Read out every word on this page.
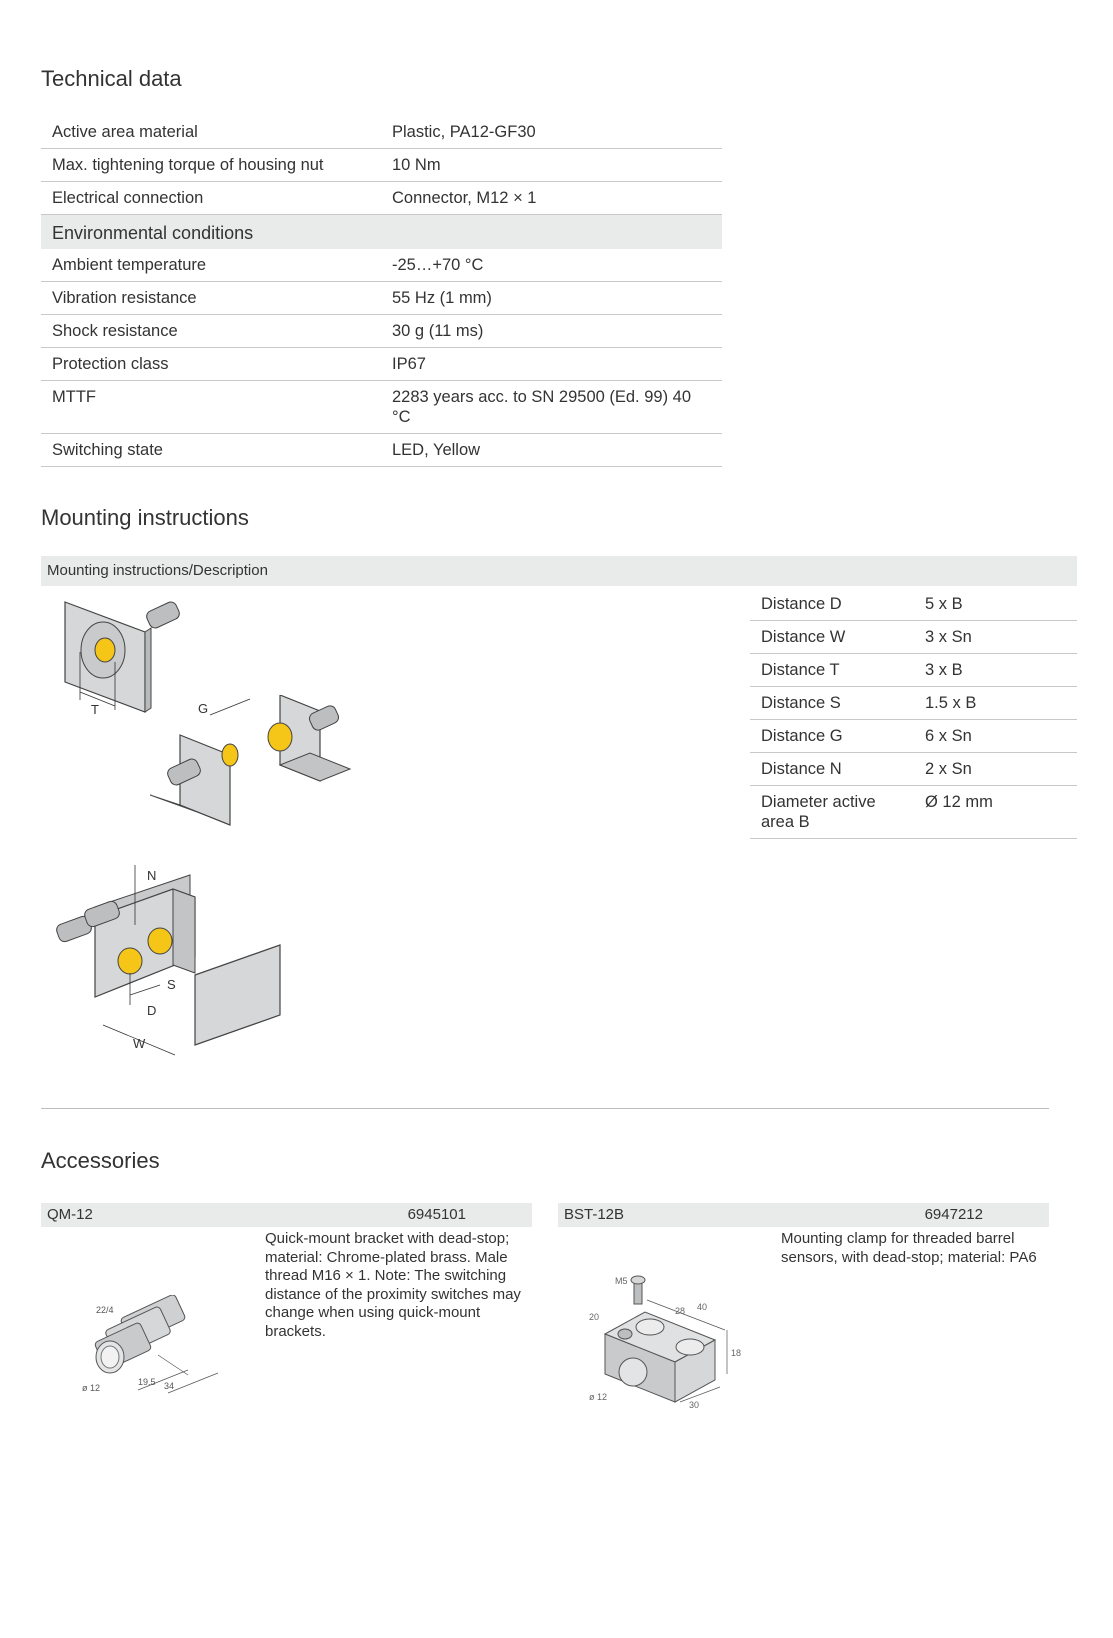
Technical data
Active area material	Plastic, PA12-GF30
Max. tightening torque of housing nut	10 Nm
Electrical connection	Connector, M12 × 1
Environmental conditions	
Ambient temperature	-25…+70 °C
Vibration resistance	55 Hz (1 mm)
Shock resistance	30 g (11 ms)
Protection class	IP67
MTTF	2283 years acc. to SN 29500 (Ed. 99) 40 °C
Switching state	LED, Yellow
Mounting instructions
Mounting instructions/Description
T	G
N
S
D
W
Distance D	5 x B
Distance W	3 x Sn
Distance T	3 x B
Distance S	1.5 x B
Distance G	6 x Sn
Distance N	2 x Sn
Diameter active area B	Ø 12 mm
Accessories
QM-12	6945101
Quick-mount bracket with dead-stop; material: Chrome-plated brass. Male thread M16 × 1. Note: The switching distance of the proximity switches may change when using quick-mount brackets.
22/4
ø 12
19.5 34
BST-12B	6947212
Mounting clamp for threaded barrel sensors, with dead-stop; material: PA6
M5
20
28 40
18
ø 12
30
